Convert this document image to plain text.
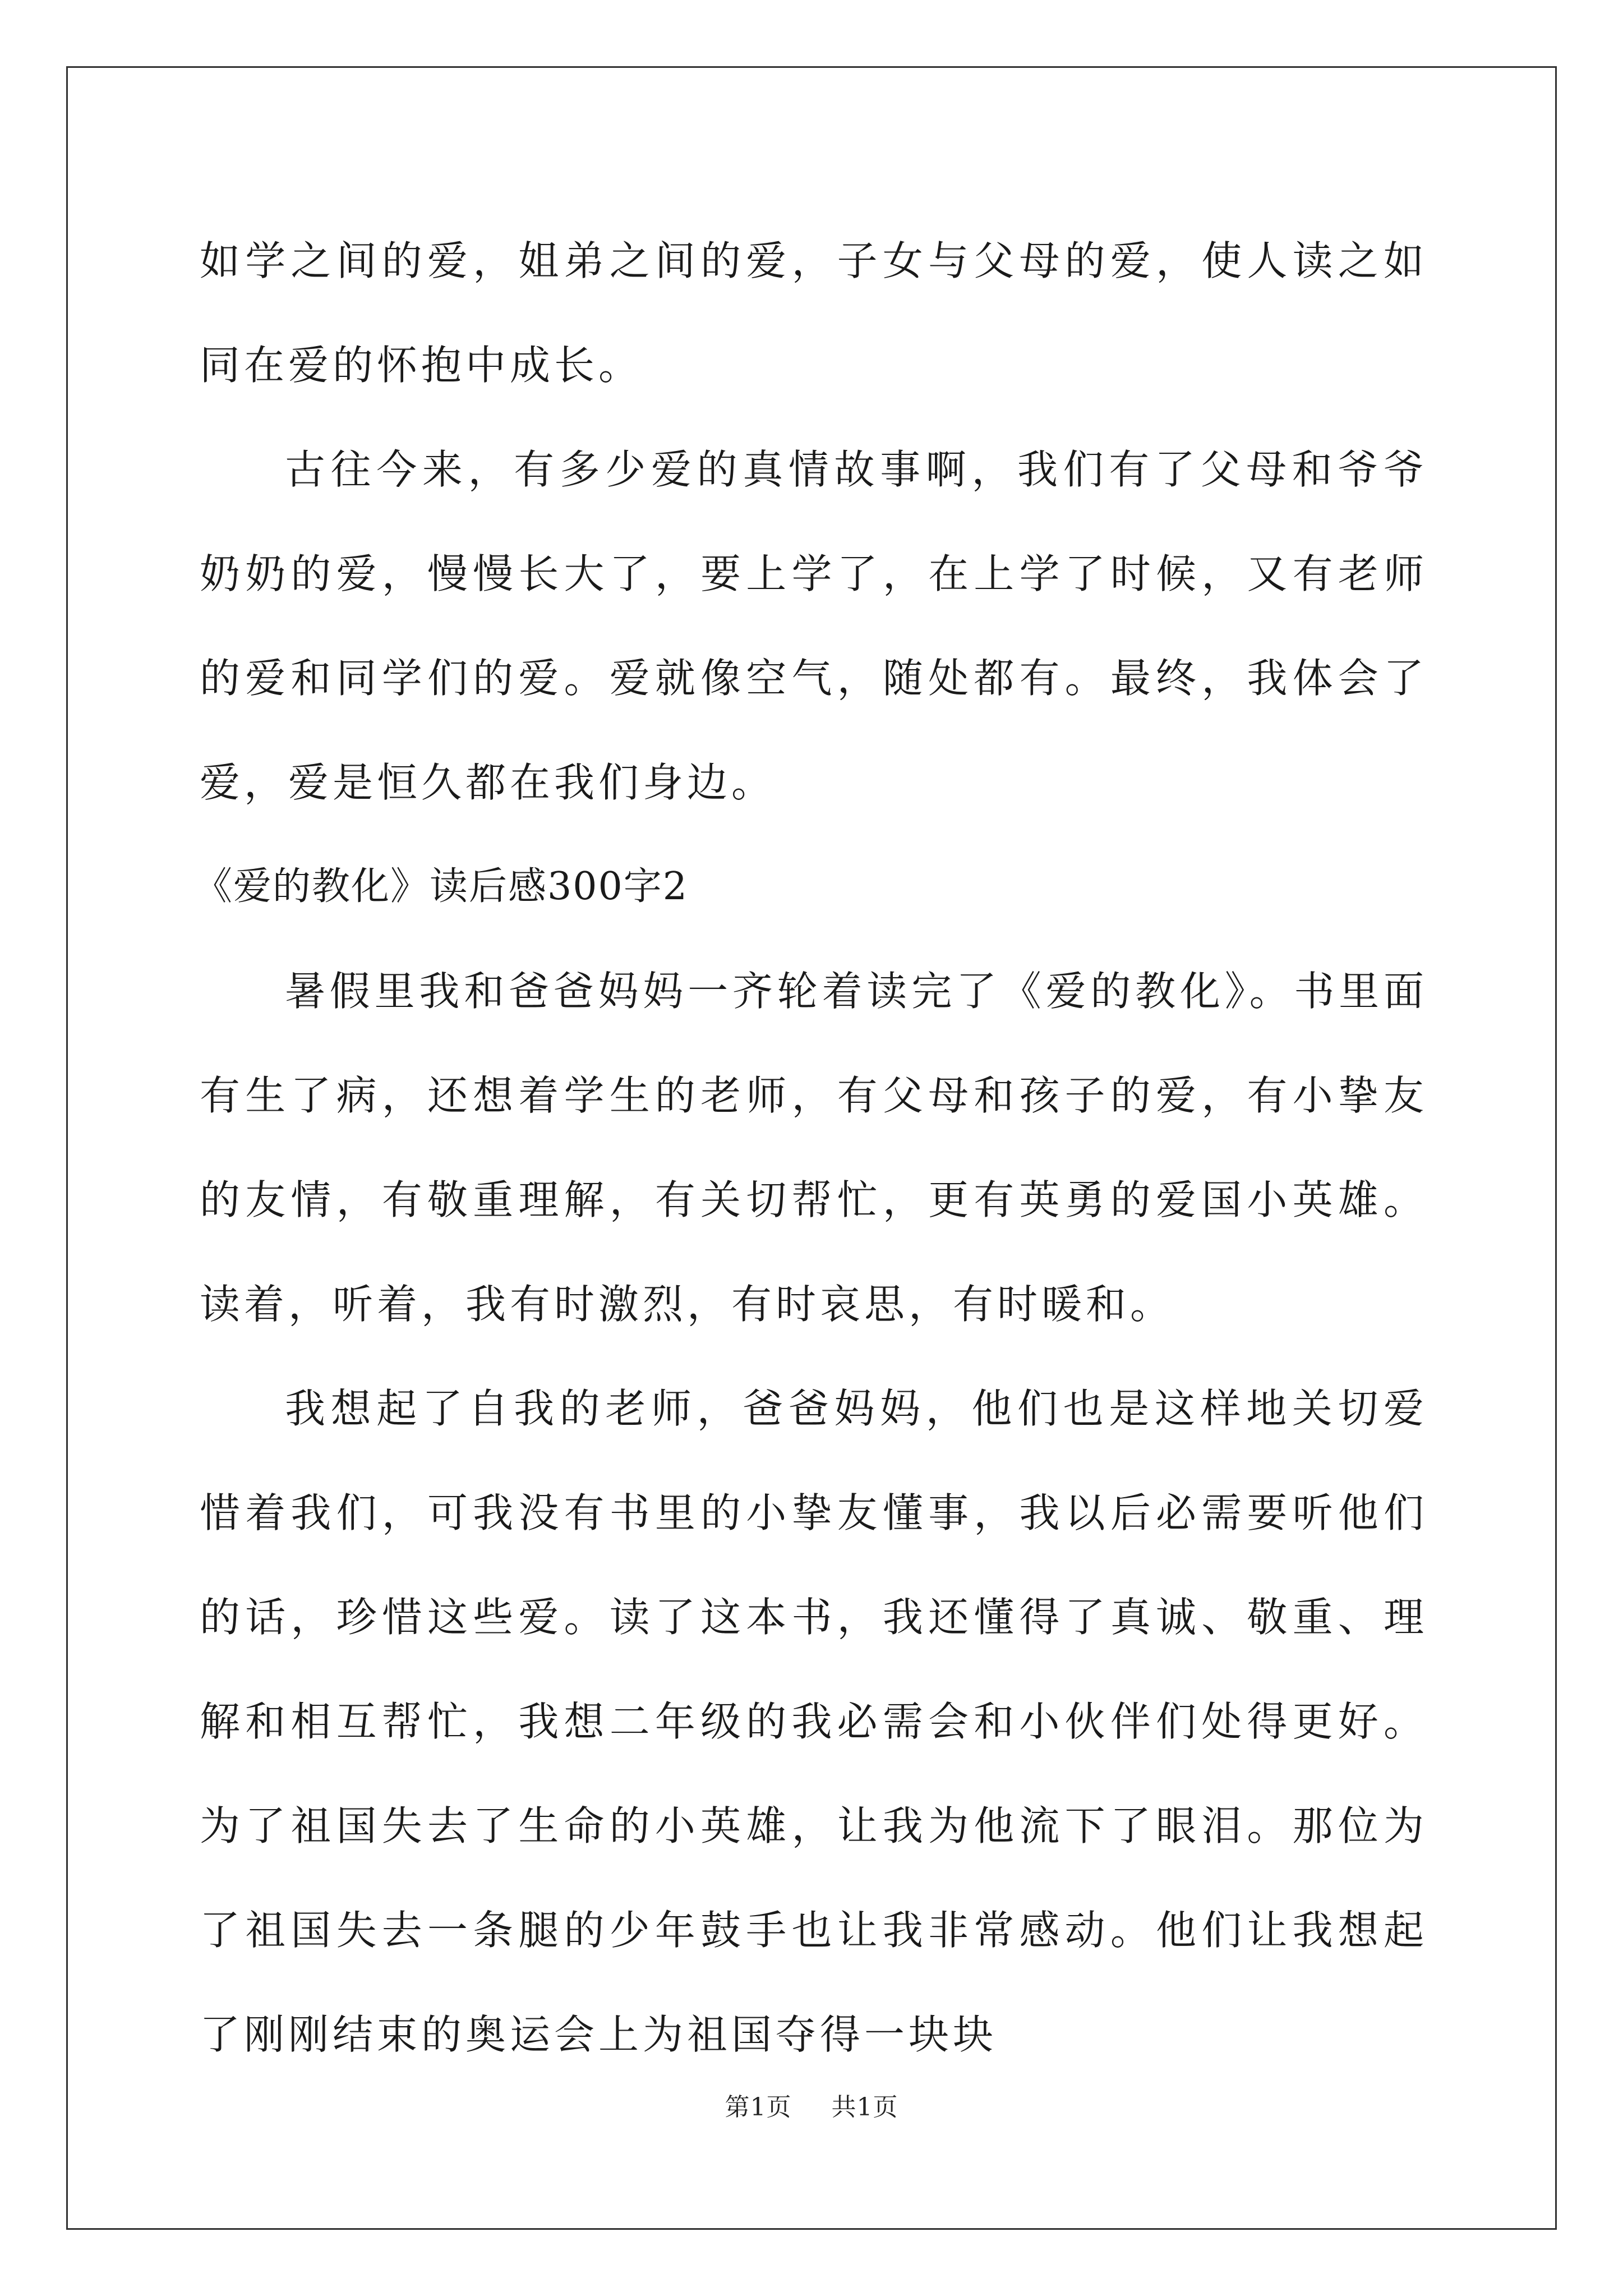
如学之间的爱，姐弟之间的爱，子女与父母的爱，使人读之如同在爱的怀抱中成长。

古往今来，有多少爱的真情故事啊，我们有了父母和爷爷奶奶的爱，慢慢长大了，要上学了，在上学了时候，又有老师的爱和同学们的爱。爱就像空气，随处都有。最终，我体会了爱，爱是恒久都在我们身边。

《爱的教化》读后感300字2

暑假里我和爸爸妈妈一齐轮着读完了《爱的教化》。书里面有生了病，还想着学生的老师，有父母和孩子的爱，有小挚友的友情，有敬重理解，有关切帮忙，更有英勇的爱国小英雄。读着，听着，我有时激烈，有时哀思，有时暖和。

我想起了自我的老师，爸爸妈妈，他们也是这样地关切爱惜着我们，可我没有书里的小挚友懂事，我以后必需要听他们的话，珍惜这些爱。读了这本书，我还懂得了真诚、敬重、理解和相互帮忙，我想二年级的我必需会和小伙伴们处得更好。为了祖国失去了生命的小英雄，让我为他流下了眼泪。那位为了祖国失去一条腿的少年鼓手也让我非常感动。他们让我想起了刚刚结束的奥运会上为祖国夺得一块块

第1页 共1页
